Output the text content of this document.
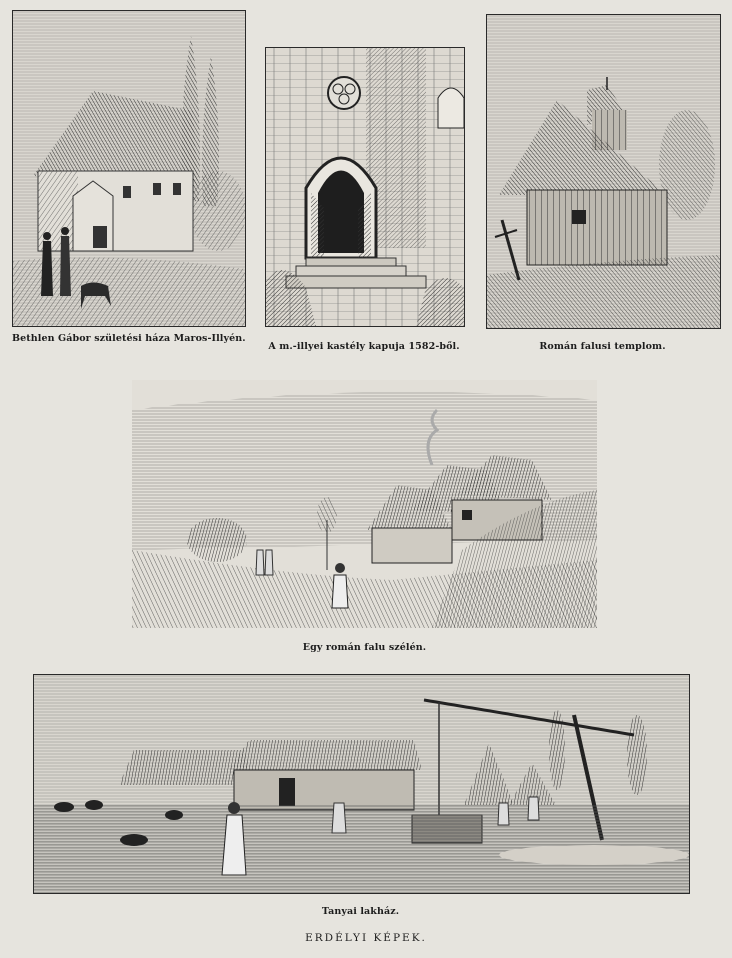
Bethlen Gábor születési háza Maros-Illyén.
A m.-illyei kastély kapuja 1582-ből.	Román falusi templom.
Egy román falu szélén.
Tanyai lakház.
ERDÉLYI KÉPEK.
